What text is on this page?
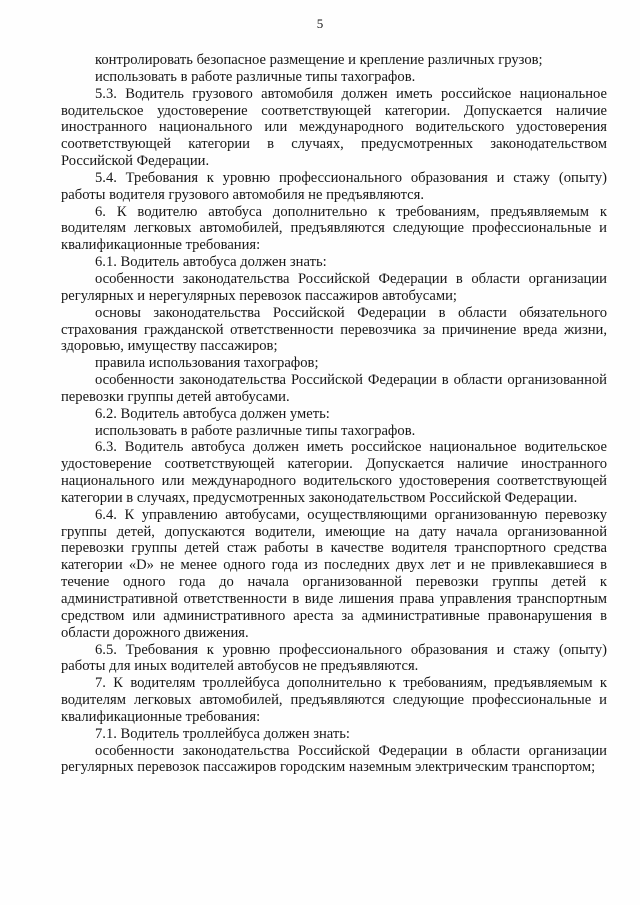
5

контролировать безопасное размещение и крепление различных грузов;

использовать в работе различные типы тахографов.

5.3. Водитель грузового автомобиля должен иметь российское национальное водительское удостоверение соответствующей категории. Допускается наличие иностранного национального или международного водительского удостоверения соответствующей категории в случаях, предусмотренных законодательством Российской Федерации.

5.4. Требования к уровню профессионального образования и стажу (опыту) работы водителя грузового автомобиля не предъявляются.

6. К водителю автобуса дополнительно к требованиям, предъявляемым к водителям легковых автомобилей, предъявляются следующие профессиональные и квалификационные требования:

6.1. Водитель автобуса должен знать:

особенности законодательства Российской Федерации в области организации регулярных и нерегулярных перевозок пассажиров автобусами;

основы законодательства Российской Федерации в области обязательного страхования гражданской ответственности перевозчика за причинение вреда жизни, здоровью, имуществу пассажиров;

правила использования тахографов;

особенности законодательства Российской Федерации в области организованной перевозки группы детей автобусами.

6.2. Водитель автобуса должен уметь:

использовать в работе различные типы тахографов.

6.3. Водитель автобуса должен иметь российское национальное водительское удостоверение соответствующей категории. Допускается наличие иностранного национального или международного водительского удостоверения соответствующей категории в случаях, предусмотренных законодательством Российской Федерации.

6.4. К управлению автобусами, осуществляющими организованную перевозку группы детей, допускаются водители, имеющие на дату начала организованной перевозки группы детей стаж работы в качестве водителя транспортного средства категории «D» не менее одного года из последних двух лет и не привлекавшиеся в течение одного года до начала организованной перевозки группы детей к административной ответственности в виде лишения права управления транспортным средством или административного ареста за административные правонарушения в области дорожного движения.

6.5. Требования к уровню профессионального образования и стажу (опыту) работы для иных водителей автобусов не предъявляются.

7. К водителям троллейбуса дополнительно к требованиям, предъявляемым к водителям легковых автомобилей, предъявляются следующие профессиональные и квалификационные требования:

7.1. Водитель троллейбуса должен знать:

особенности законодательства Российской Федерации в области организации регулярных перевозок пассажиров городским наземным электрическим транспортом;
